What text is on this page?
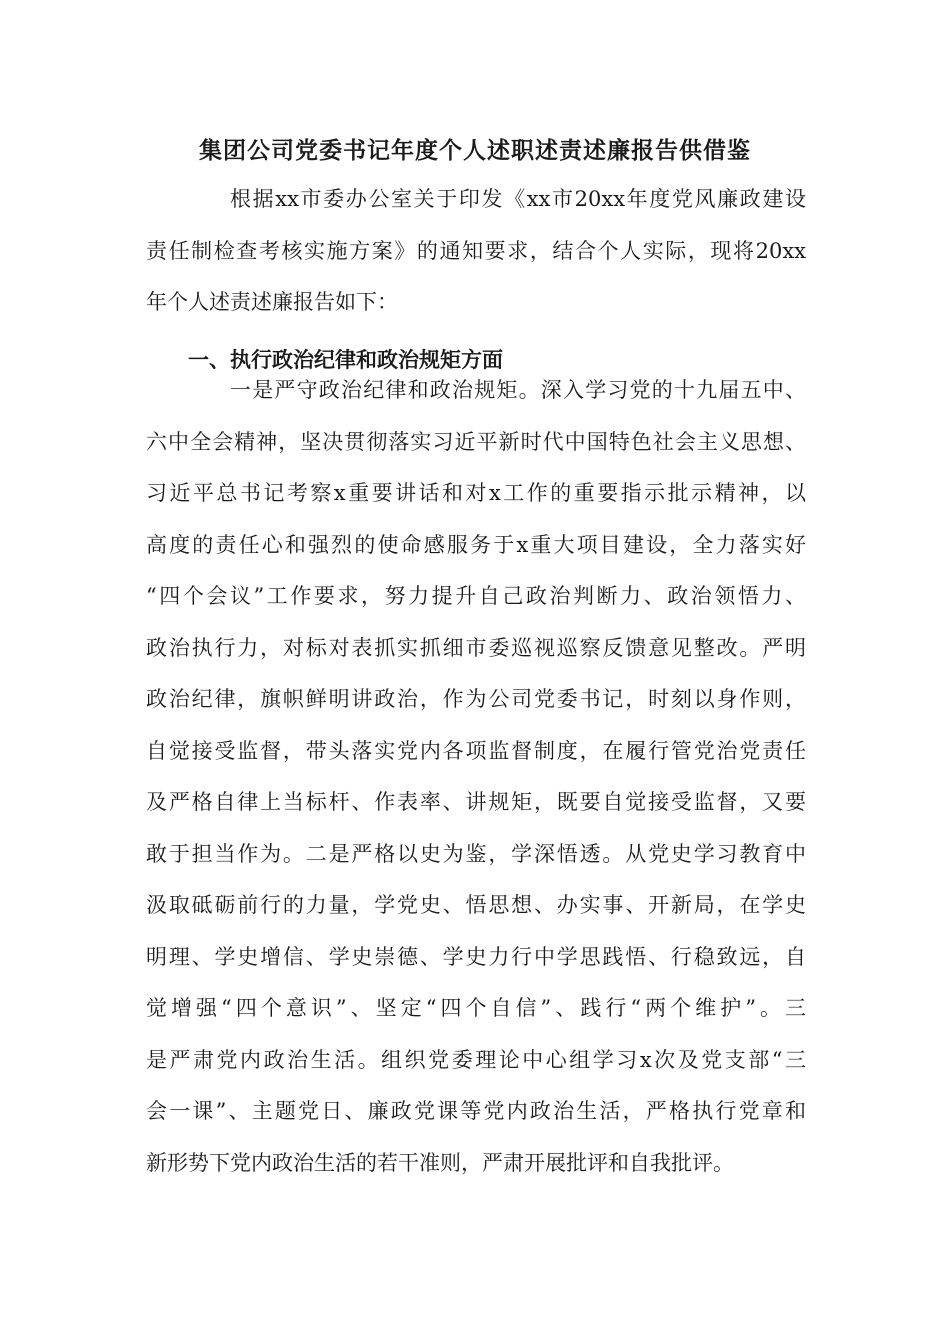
集团公司党委书记年度个人述职述责述廉报告供借鉴
根据xx市委办公室关于印发《xx市20xx年度党风廉政建设
责任制检查考核实施方案》的通知要求，结合个人实际，现将20xx
年个人述责述廉报告如下：
一、执行政治纪律和政治规矩方面
一是严守政治纪律和政治规矩。深入学习党的十九届五中、
六中全会精神，坚决贯彻落实习近平新时代中国特色社会主义思想、
习近平总书记考察x重要讲话和对x工作的重要指示批示精神，以
高度的责任心和强烈的使命感服务于x重大项目建设，全力落实好
“四个会议”工作要求，努力提升自己政治判断力、政治领悟力、
政治执行力，对标对表抓实抓细市委巡视巡察反馈意见整改。严明
政治纪律，旗帜鲜明讲政治，作为公司党委书记，时刻以身作则，
自觉接受监督，带头落实党内各项监督制度，在履行管党治党责任
及严格自律上当标杆、作表率、讲规矩，既要自觉接受监督，又要
敢于担当作为。二是严格以史为鉴，学深悟透。从党史学习教育中
汲取砥砺前行的力量，学党史、悟思想、办实事、开新局，在学史
明理、学史增信、学史崇德、学史力行中学思践悟、行稳致远，自
觉增强“四个意识”、坚定“四个自信”、践行“两个维护”。三
是严肃党内政治生活。组织党委理论中心组学习x次及党支部“三
会一课”、主题党日、廉政党课等党内政治生活，严格执行党章和
新形势下党内政治生活的若干准则，严肃开展批评和自我批评。
